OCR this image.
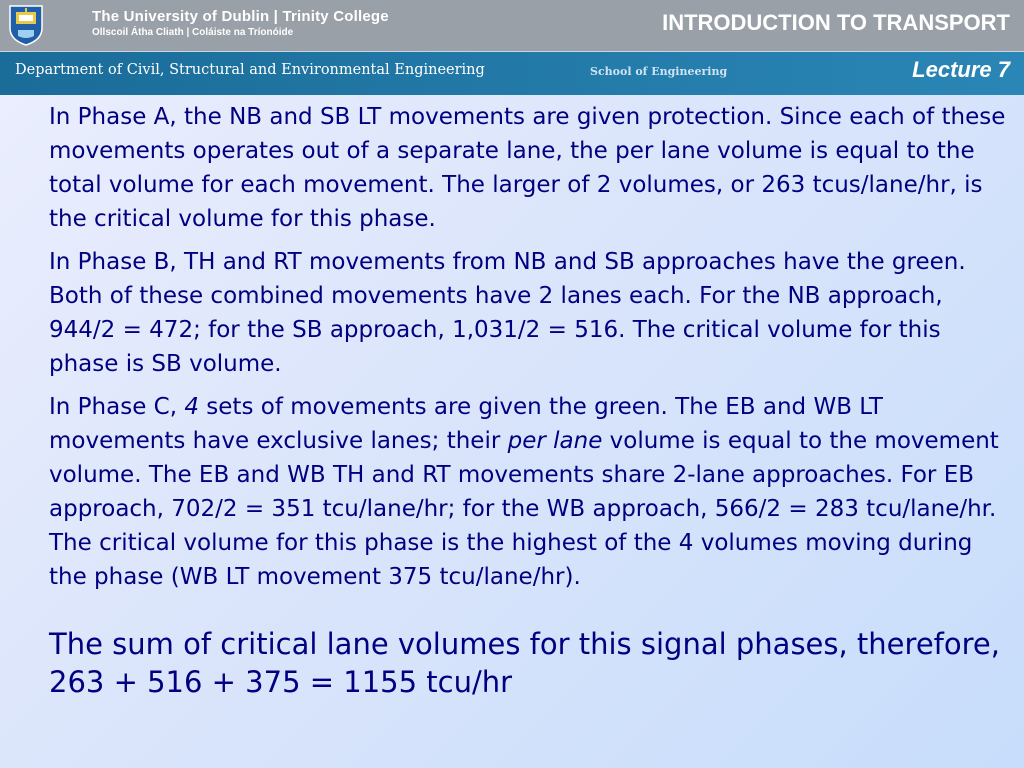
The University of Dublin | Trinity College
Ollscoil Átha Cliath | Coláiste na Tríonóide	INTRODUCTION TO TRANSPORT
Department of Civil, Structural and Environmental Engineering	School of Engineering	Lecture 7

In Phase A, the NB and SB LT movements are given protection. Since each of these movements operates out of a separate lane, the per lane volume is equal to the total volume for each movement. The larger of 2 volumes, or 263 tcus/lane/hr, is the critical volume for this phase.

In Phase B, TH and RT movements from NB and SB approaches have the green. Both of these combined movements have 2 lanes each. For the NB approach, 944/2 = 472; for the SB approach, 1,031/2 = 516. The critical volume for this phase is SB volume.

In Phase C, 4 sets of movements are given the green. The EB and WB LT movements have exclusive lanes; their per lane volume is equal to the movement volume. The EB and WB TH and RT movements share 2-lane approaches. For EB approach, 702/2 = 351 tcu/lane/hr; for the WB approach, 566/2 = 283 tcu/lane/hr. The critical volume for this phase is the highest of the 4 volumes moving during the phase (WB LT movement 375 tcu/lane/hr).

The sum of critical lane volumes for this signal phases, therefore, 263 + 516 + 375 = 1155 tcu/hr
